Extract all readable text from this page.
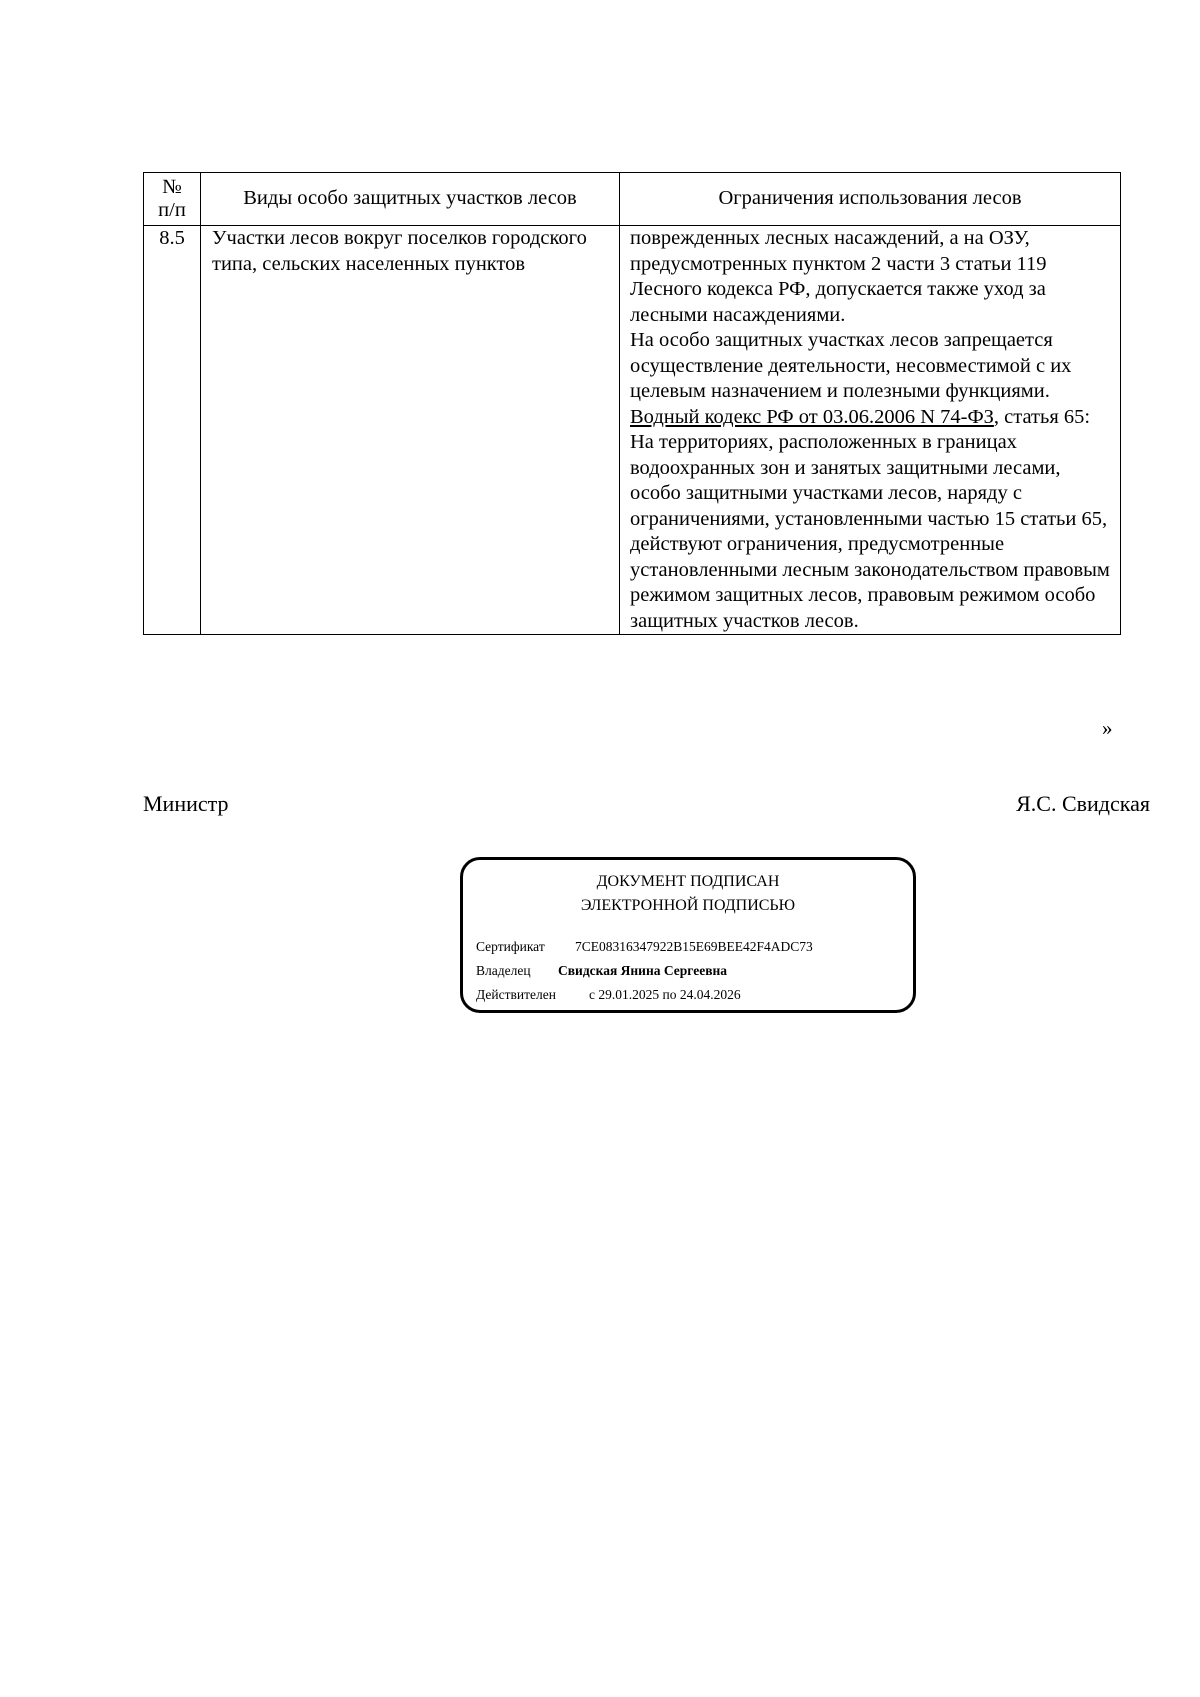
№ п/п	Виды особо защитных участков лесов	Ограничения использования лесов
8.5	Участки лесов вокруг поселков городского типа, сельских населенных пунктов	поврежденных лесных насаждений, а на ОЗУ, предусмотренных пунктом 2 части 3 статьи 119 Лесного кодекса РФ, допускается также уход за лесными насаждениями.

На особо защитных участках лесов запрещается осуществление деятельности, несовместимой с их целевым назначением и полезными функциями.

Водный кодекс РФ от 03.06.2006 N 74-ФЗ, статья 65:

На территориях, расположенных в границах водоохранных зон и занятых защитными лесами, особо защитными участками лесов, наряду с ограничениями, установленными частью 15 статьи 65, действуют ограничения, предусмотренные установленными лесным законодательством правовым режимом защитных лесов, правовым режимом особо защитных участков лесов.

»
Министр	Я.С. Свидская
ДОКУМЕНТ ПОДПИСАН
ЭЛЕКТРОННОЙ ПОДПИСЬЮ
Сертификат 7CE08316347922B15E69BEE42F4ADC73
Владелец Свидская Янина Сергеевна
Действителен с 29.01.2025 по 24.04.2026
